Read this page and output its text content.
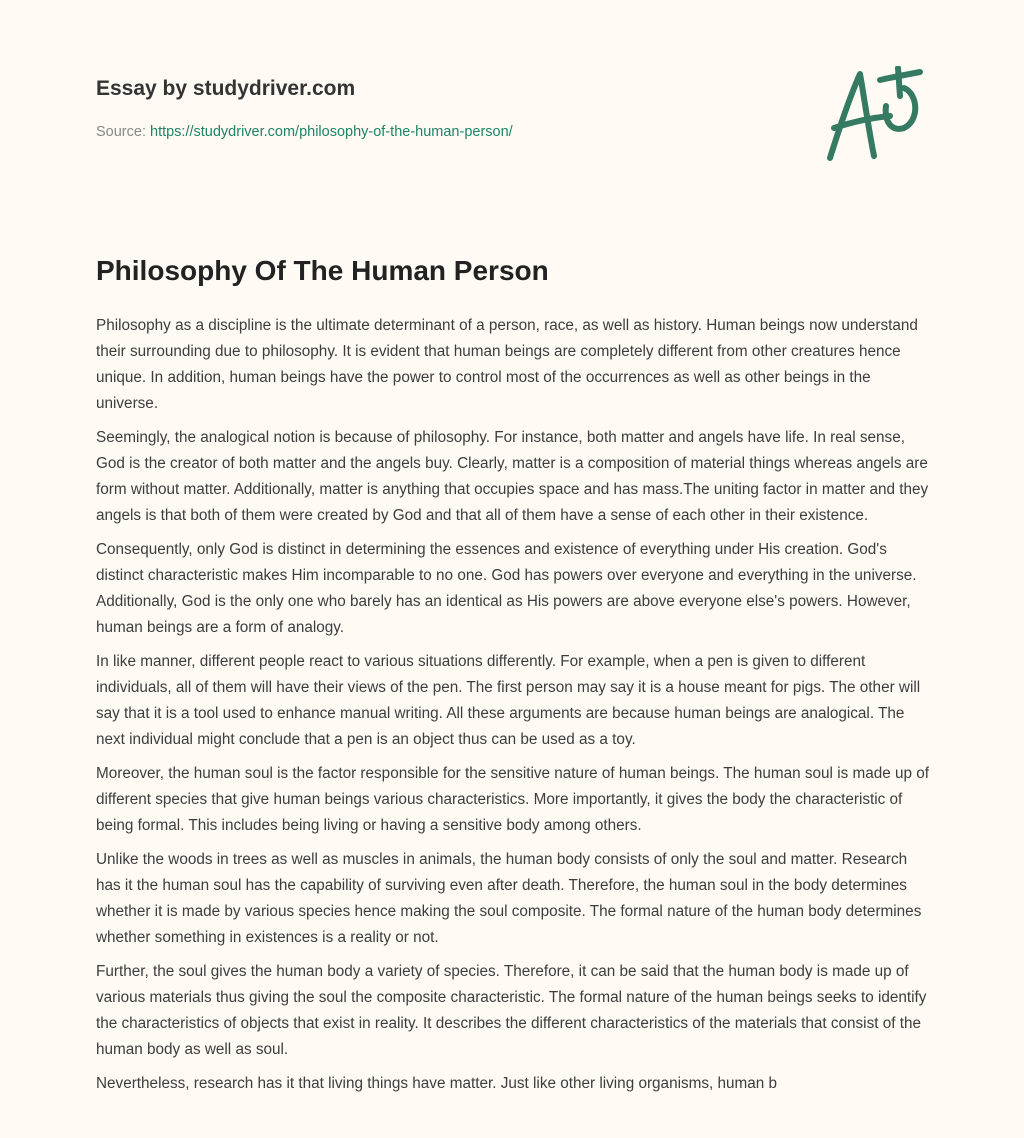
Essay by studydriver.com
Source: https://studydriver.com/philosophy-of-the-human-person/
Philosophy Of The Human Person

Philosophy as a discipline is the ultimate determinant of a person, race, as well as history. Human beings now understand their surrounding due to philosophy. It is evident that human beings are completely different from other creatures hence unique. In addition, human beings have the power to control most of the occurrences as well as other beings in the universe.

Seemingly, the analogical notion is because of philosophy. For instance, both matter and angels have life. In real sense, God is the creator of both matter and the angels buy. Clearly, matter is a composition of material things whereas angels are form without matter. Additionally, matter is anything that occupies space and has mass.The uniting factor in matter and they angels is that both of them were created by God and that all of them have a sense of each other in their existence.

Consequently, only God is distinct in determining the essences and existence of everything under His creation. God's distinct characteristic makes Him incomparable to no one. God has powers over everyone and everything in the universe. Additionally, God is the only one who barely has an identical as His powers are above everyone else's powers. However, human beings are a form of analogy.

In like manner, different people react to various situations differently. For example, when a pen is given to different individuals, all of them will have their views of the pen. The first person may say it is a house meant for pigs. The other will say that it is a tool used to enhance manual writing. All these arguments are because human beings are analogical. The next individual might conclude that a pen is an object thus can be used as a toy.

Moreover, the human soul is the factor responsible for the sensitive nature of human beings. The human soul is made up of different species that give human beings various characteristics. More importantly, it gives the body the characteristic of being formal. This includes being living or having a sensitive body among others.

Unlike the woods in trees as well as muscles in animals, the human body consists of only the soul and matter. Research has it the human soul has the capability of surviving even after death. Therefore, the human soul in the body determines whether it is made by various species hence making the soul composite. The formal nature of the human body determines whether something in existences is a reality or not.

Further, the soul gives the human body a variety of species. Therefore, it can be said that the human body is made up of various materials thus giving the soul the composite characteristic. The formal nature of the human beings seeks to identify the characteristics of objects that exist in reality. It describes the different characteristics of the materials that consist of the human body as well as soul.

Nevertheless, research has it that living things have matter. Just like other living organisms, human b
